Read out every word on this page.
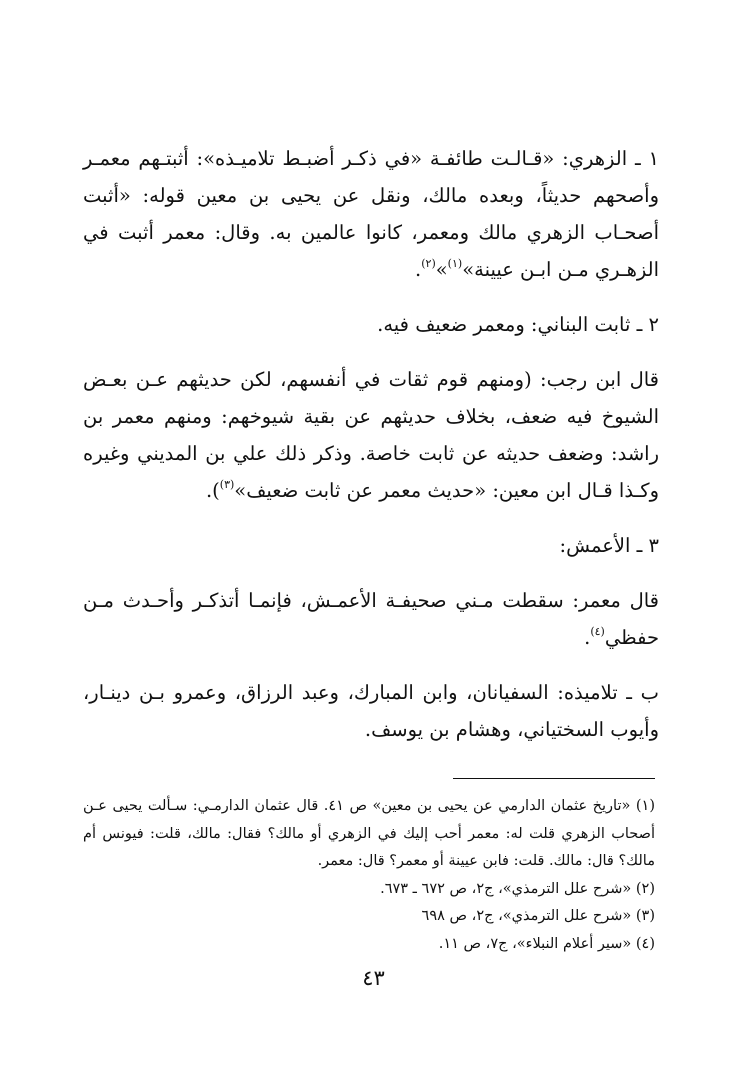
١ ـ الزهري: «قـالـت طائفـة «في ذكـر أضبـط تلاميـذه»: أثبتـهم معمـر وأصحهم حديثاً، وبعده مالك، ونقل عن يحيى بن معين قوله: «أثبت أصحـاب الزهري مالك ومعمر، كانوا عالمين به. وقال: معمر أثبت في الزهـري مـن ابـن عيينة»$^{(١)}$»$^{(٢)}$.

٢ ـ ثابت البناني: ومعمر ضعيف فيه.

قال ابن رجب: (ومنهم قوم ثقات في أنفسهم، لكن حديثهم عـن بعـض الشيوخ فيه ضعف، بخلاف حديثهم عن بقية شيوخهم: ومنهم معمر بن راشد: وضعف حديثه عن ثابت خاصة. وذكر ذلك علي بن المديني وغيره وكـذا قـال ابن معين: «حديث معمر عن ثابت ضعيف»$^{(٣)}$).

٣ ـ الأعمش:

قال معمر: سقطت مـني صحيفـة الأعمـش، فإنمـا أتذكـر وأحـدث مـن حفظي$^{(٤)}$.

ب ـ تلاميذه: السفيانان، وابن المبارك، وعبد الرزاق، وعمرو بـن دينـار، وأيوب السختياني، وهشام بن يوسف.

(١) «تاريخ عثمان الدارمي عن يحيى بن معين» ص ٤١. قال عثمان الدارمـي: سـألت يحيى عـن أصحاب الزهري قلت له: معمر أحب إليك في الزهري أو مالك؟ فقال: مالك، قلت: فيونس أم مالك؟ قال: مالك. قلت: فابن عيينة أو معمر؟ قال: معمر.

(٢) «شرح علل الترمذي»، ج٢، ص ٦٧٢ ـ ٦٧٣.

(٣) «شرح علل الترمذي»، ج٢، ص ٦٩٨

(٤) «سير أعلام النبلاء»، ج٧، ص ١١.

٤٣
